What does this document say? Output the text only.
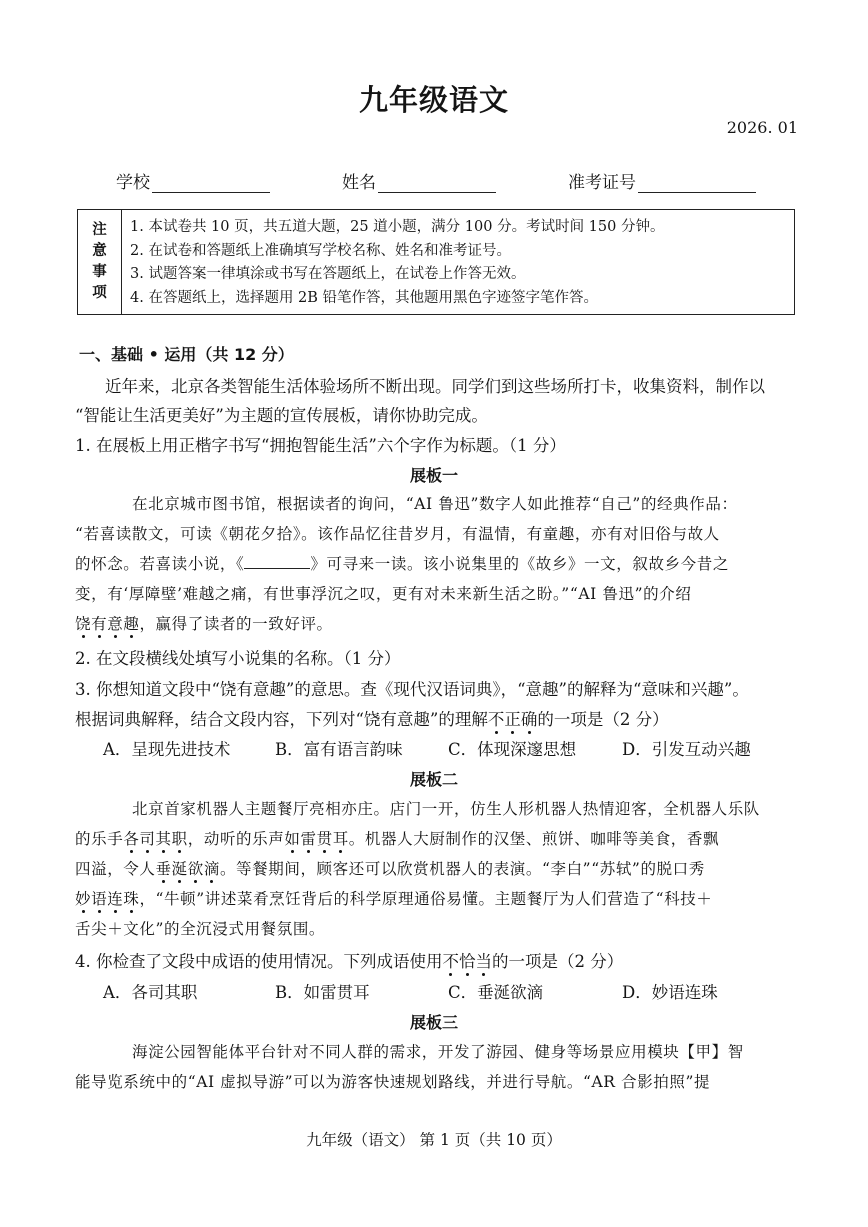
九年级语文
2026. 01
学校	姓名	准考证号
注
意
事
项
1. 本试卷共 10 页，共五道大题，25 道小题，满分 100 分。考试时间 150 分钟。
2. 在试卷和答题纸上准确填写学校名称、姓名和准考证号。
3. 试题答案一律填涂或书写在答题纸上，在试卷上作答无效。
4. 在答题纸上，选择题用 2B 铅笔作答，其他题用黑色字迹签字笔作答。
一、基础 • 运用（共 12 分）
近年来，北京各类智能生活体验场所不断出现。同学们到这些场所打卡，收集资料，制作以
“智能让生活更美好”为主题的宣传展板，请你协助完成。
1. 在展板上用正楷字书写“拥抱智能生活”六个字作为标题。（1 分）
展板一
在北京城市图书馆，根据读者的询问，“AI 鲁迅”数字人如此推荐“自己”的经典作品：
“若喜读散文，可读《朝花夕拾》。该作品忆往昔岁月，有温情，有童趣，亦有对旧俗与故人
的怀念。若喜读小说，《	》可寻来一读。该小说集里的《故乡》一文，叙故乡今昔之
变，有‘厚障壁’难越之痛，有世事浮沉之叹，更有对未来新生活之盼。”“AI 鲁迅”的介绍
饶有意趣，赢得了读者的一致好评。
2. 在文段横线处填写小说集的名称。（1 分）
3. 你想知道文段中“饶有意趣”的意思。查《现代汉语词典》，“意趣”的解释为“意味和兴趣”。
根据词典解释，结合文段内容，下列对“饶有意趣”的理解不正确的一项是（2 分）
A．呈现先进技术	B．富有语言韵味	C．体现深邃思想	D．引发互动兴趣
展板二
北京首家机器人主题餐厅亮相亦庄。店门一开，仿生人形机器人热情迎客，全机器人乐队
的乐手各司其职，动听的乐声如雷贯耳。机器人大厨制作的汉堡、煎饼、咖啡等美食，香飘
四溢，令人垂涎欲滴。等餐期间，顾客还可以欣赏机器人的表演。“李白”“苏轼”的脱口秀
妙语连珠，“牛顿”讲述菜肴烹饪背后的科学原理通俗易懂。主题餐厅为人们营造了“科技＋
舌尖＋文化”的全沉浸式用餐氛围。
4. 你检查了文段中成语的使用情况。下列成语使用不恰当的一项是（2 分）
A．各司其职	B．如雷贯耳	C．垂涎欲滴	D．妙语连珠
展板三
海淀公园智能体平台针对不同人群的需求，开发了游园、健身等场景应用模块【甲】智
能导览系统中的“AI 虚拟导游”可以为游客快速规划路线，并进行导航。“AR 合影拍照”提
九年级（语文） 第 1 页（共 10 页）
